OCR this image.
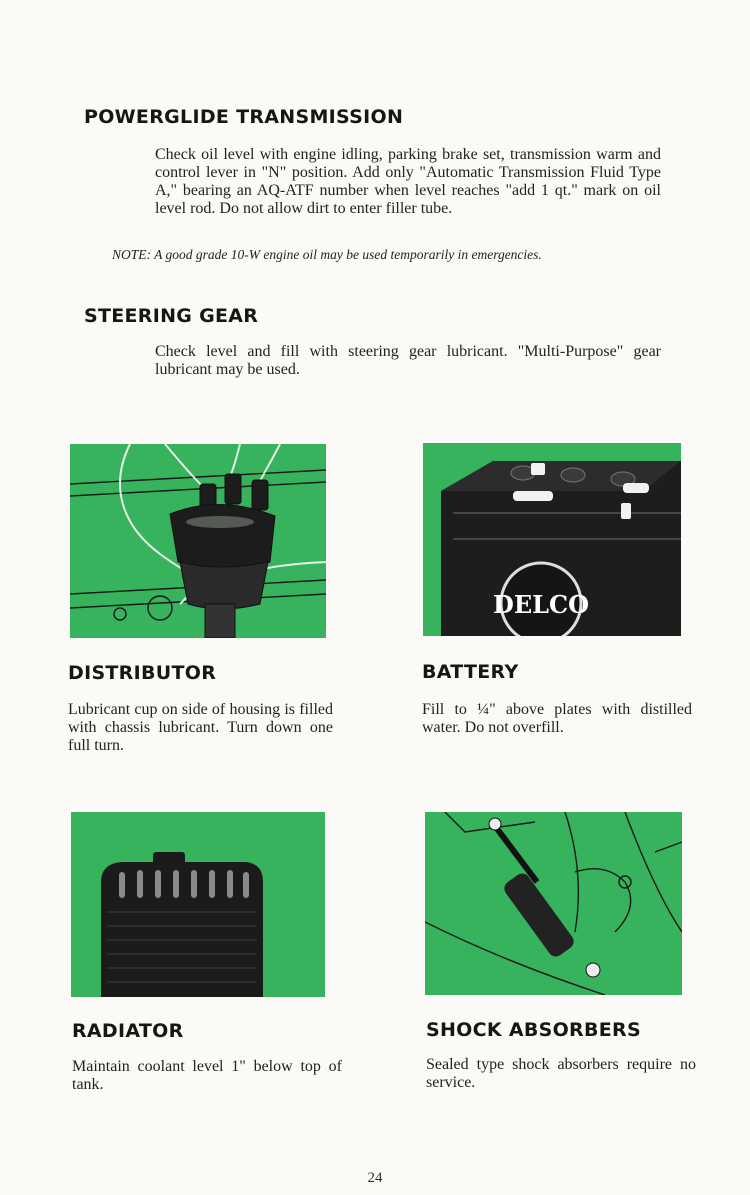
POWERGLIDE TRANSMISSION

Check oil level with engine idling, parking brake set, transmission warm and control lever in "N" position. Add only "Automatic Transmission Fluid Type A," bearing an AQ-ATF number when level reaches "add 1 qt." mark on oil level rod. Do not allow dirt to enter filler tube.

NOTE: A good grade 10-W engine oil may be used temporarily in emergencies.

STEERING GEAR

Check level and fill with steering gear lubricant. "Multi-Purpose" gear lubricant may be used.

DELCO
DISTRIBUTOR

Lubricant cup on side of housing is filled with chassis lubricant. Turn down one full turn.

BATTERY

Fill to ¼" above plates with distilled water. Do not overfill.

RADIATOR

Maintain coolant level 1" below top of tank.

SHOCK ABSORBERS

Sealed type shock absorbers require no service.

24
